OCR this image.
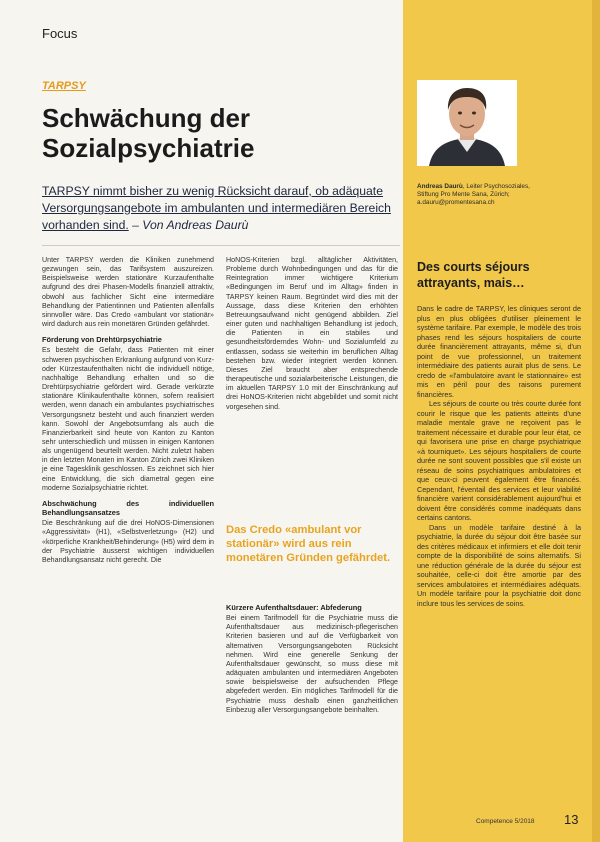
Focus
TARPSY
Schwächung der Sozialpsychiatrie
TARPSY nimmt bisher zu wenig Rücksicht darauf, ob adäquate Versorgungsangebote im ambulanten und intermediären Bereich vorhanden sind. – Von Andreas Daurù

Unter TARPSY werden die Kliniken zunehmend gezwungen sein, das Tarifsystem auszureizen. Beispielsweise werden stationäre Kurzaufenthalte aufgrund des drei Phasen-Modells finanziell attraktiv, obwohl aus fachlicher Sicht eine intermediäre Behandlung der Patientinnen und Patienten allenfalls sinnvoller wäre. Das Credo «ambulant vor stationär» wird dadurch aus rein monetären Gründen gefährdet.

Förderung von Drehtürpsychiatrie

Es besteht die Gefahr, dass Patienten mit einer schweren psychischen Erkrankung aufgrund von Kurz- oder Kürzestaufenthalten nicht die individuell nötige, nachhaltige Behandlung erhalten und so die Drehtürpsychiatrie gefördert wird. Gerade verkürzte stationäre Klinikaufenthalte können, sofern realisiert werden, wenn danach ein ambulantes psychiatrisches Versorgungsnetz besteht und auch finanziert werden kann. Sowohl der Angebotsumfang als auch die Finanzierbarkeit sind heute von Kanton zu Kanton sehr unterschiedlich und müssen in einigen Kantonen als ungenügend beurteilt werden. Nicht zuletzt haben in den letzten Monaten im Kanton Zürich zwei Kliniken je eine Tagesklinik geschlossen. Es zeichnet sich hier eine Entwicklung, die sich diametral gegen eine moderne Sozialpsychiatrie richtet.

Abschwächung des individuellen Behandlungsansatzes

Die Beschränkung auf die drei HoNOS-Dimensionen «Aggressivität» (H1), «Selbstverletzung» (H2) und «körperliche Krankheit/Behinderung» (H5) wird dem in der Psychiatrie äusserst wichtigen individuellen Behandlungsansatz nicht gerecht. Die

HoNOS-Kriterien bzgl. alltäglicher Aktivitäten, Probleme durch Wohnbedingungen und das für die Reintegration immer wichtigere Kriterium «Bedingungen im Beruf und im Alltag» finden in TARPSY keinen Raum. Begründet wird dies mit der Aussage, dass diese Kriterien den erhöhten Betreuungsaufwand nicht genügend abbilden. Ziel einer guten und nachhaltigen Behandlung ist jedoch, die Patienten in ein stabiles und gesundheitsförderndes Wohn- und Sozialumfeld zu entlassen, sodass sie weiterhin im beruflichen Alltag bestehen bzw. wieder integriert werden können. Dieses Ziel braucht aber entsprechende therapeutische und sozialarbeiterische Leistungen, die im aktuellen TARPSY 1.0 mit der Einschränkung auf drei HoNOS-Kriterien nicht abgebildet und somit nicht vorgesehen sind.

Das Credo «ambulant vor stationär» wird aus rein monetären Gründen gefährdet.
Kürzere Aufenthaltsdauer: Abfederung

Bei einem Tarifmodell für die Psychiatrie muss die Aufenthaltsdauer aus medizinisch-pflegerischen Kriterien basieren und auf die Verfügbarkeit von alternativen Versorgungsangeboten Rücksicht nehmen. Wird eine generelle Senkung der Aufenthaltsdauer gewünscht, so muss diese mit adäquaten ambulanten und intermediären Angeboten sowie beispielsweise der aufsuchenden Pflege abgefedert werden. Ein mögliches Tarifmodell für die Psychiatrie muss deshalb einen ganzheitlichen Einbezug aller Versorgungsangebote beinhalten.

Andreas Daurù, Leiter Psychosoziales,
Stiftung Pro Mente Sana, Zürich;
a.dauru@promentesana.ch
Des courts séjours attrayants, mais…

Dans le cadre de TARPSY, les cliniques seront de plus en plus obligées d'utiliser pleinement le système tarifaire. Par exemple, le modèle des trois phases rend les séjours hospitaliers de courte durée financièrement attrayants, même si, d'un point de vue professionnel, un traitement intermédiaire des patients aurait plus de sens. Le credo de «l'ambulatoire avant le stationnaire» est mis en péril pour des raisons purement financières.

Les séjours de courte ou très courte durée font courir le risque que les patients atteints d'une maladie mentale grave ne reçoivent pas le traitement nécessaire et durable pour leur état, ce qui favorisera une prise en charge psychiatrique «à tourniquet». Les séjours hospitaliers de courte durée ne sont souvent possibles que s'il existe un réseau de soins psychiatriques ambulatoires et que ceux-ci peuvent également être financés. Cependant, l'éventail des services et leur viabilité financière varient considérablement aujourd'hui et doivent être considérés comme inadéquats dans certains cantons.

Dans un modèle tarifaire destiné à la psychiatrie, la durée du séjour doit être basée sur des critères médicaux et infirmiers et elle doit tenir compte de la disponibilité de soins alternatifs. Si une réduction générale de la durée du séjour est souhaitée, celle-ci doit être amortie par des services ambulatoires et intermédiaires adéquats. Un modèle tarifaire pour la psychiatrie doit donc inclure tous les services de soins.

Competence 5/2018 13
